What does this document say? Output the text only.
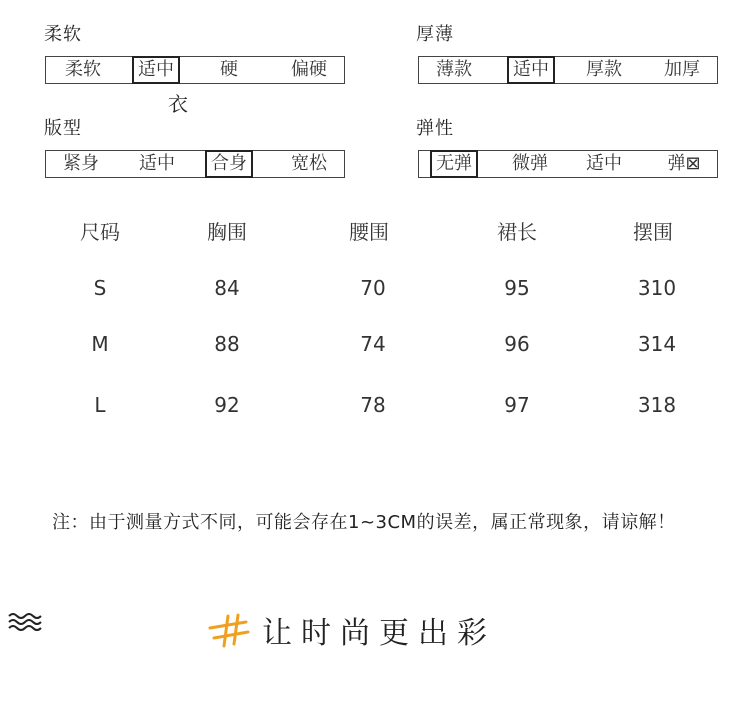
柔软
柔软	适中	硬	偏硬
衣
厚薄
薄款	适中	厚款	加厚
版型
紧身	适中	合身	宽松
弹性
无弹	微弹	适中	弹⊠
尺码	胸围	腰围	裙长	摆围
S	84	70	95	310
M	88	74	96	314
L	92	78	97	318
注：由于测量方式不同，可能会存在1~3CM的误差，属正常现象，请谅解！
让时尚更出彩
